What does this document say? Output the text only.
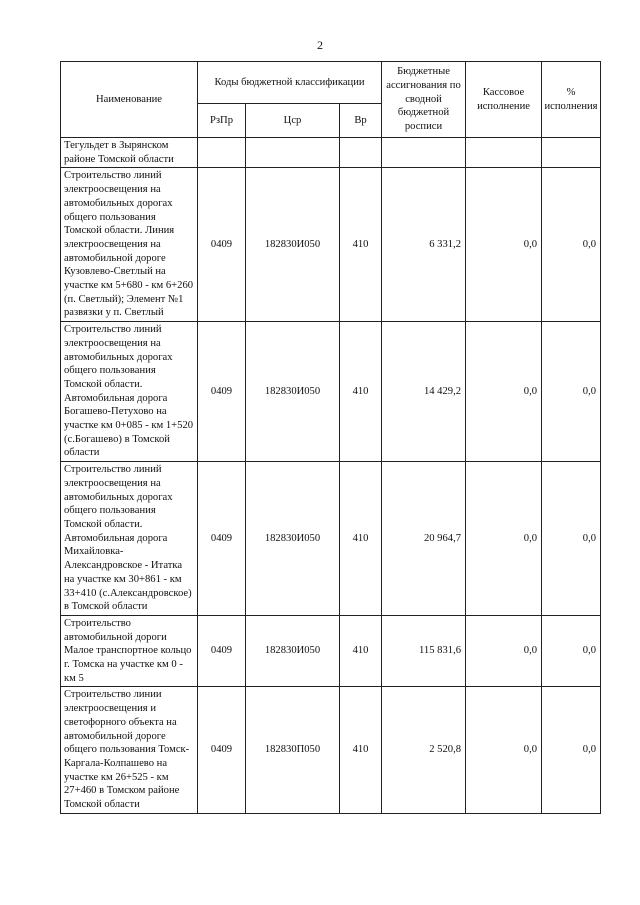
2
Наименование	Коды бюджетной классификации			Бюджетные ассигнования по сводной бюджетной росписи	Кассовое исполнение	% исполнения
	РзПр	Цср	Вр			
Тегульдет в Зырянском районе Томской области						
Строительство линий электроосвещения на автомобильных дорогах общего пользования Томской области. Линия электроосвещения на автомобильной дороге Кузовлево-Светлый на участке км 5+680 - км 6+260 (п. Светлый); Элемент №1 развязки у п. Светлый	0409	182830И050	410	6 331,2	0,0	0,0
Строительство линий электроосвещения на автомобильных дорогах общего пользования Томской области. Автомобильная дорога Богашево-Петухово на участке км 0+085 - км 1+520 (с.Богашево) в Томской области	0409	182830И050	410	14 429,2	0,0	0,0
Строительство линий электроосвещения на автомобильных дорогах общего пользования Томской области. Автомобильная дорога Михайловка-Александровское - Итатка на участке км 30+861 - км 33+410 (с.Александровское) в Томской области	0409	182830И050	410	20 964,7	0,0	0,0
Строительство автомобильной дороги Малое транспортное кольцо г. Томска на участке км 0 - км 5	0409	182830И050	410	115 831,6	0,0	0,0
Строительство линии электроосвещения и светофорного объекта на автомобильной дороге общего пользования Томск-Каргала-Колпашево на участке км 26+525 - км 27+460 в Томском районе Томской области	0409	182830П050	410	2 520,8	0,0	0,0
